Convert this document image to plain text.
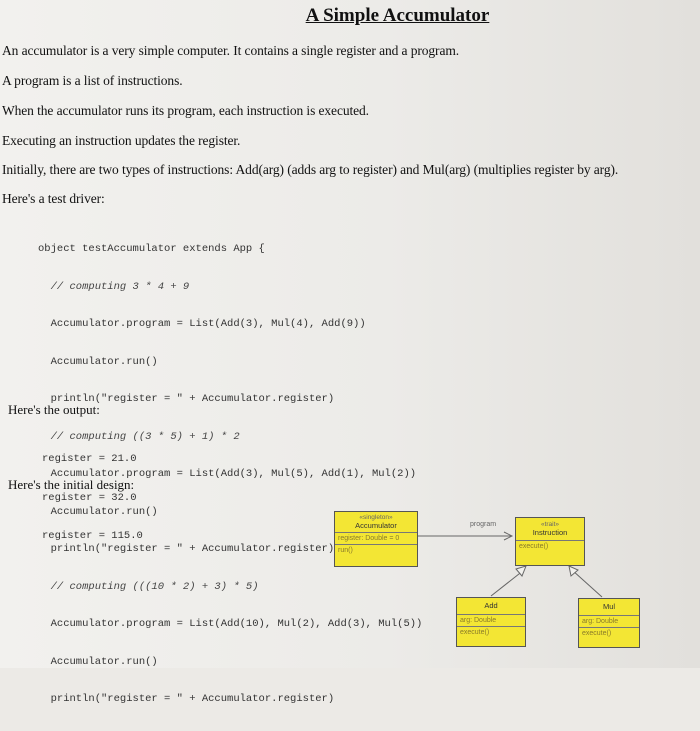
A Simple Accumulator
An accumulator is a very simple computer. It contains a single register and a program.
A program is a list of instructions.
When the accumulator runs its program, each instruction is executed.
Executing an instruction updates the register.
Initially, there are two types of instructions: Add(arg) (adds arg to register) and Mul(arg) (multiplies register by arg).
Here's a test driver:

object testAccumulator extends App {

// computing 3 * 4 + 9

Accumulator.program = List(Add(3), Mul(4), Add(9))

Accumulator.run()

println("register = " + Accumulator.register)

// computing ((3 * 5) + 1) * 2

Accumulator.program = List(Add(3), Mul(5), Add(1), Mul(2))

Accumulator.run()

println("register = " + Accumulator.register)

// computing (((10 * 2) + 3) * 5)

Accumulator.program = List(Add(10), Mul(2), Add(3), Mul(5))

Accumulator.run()

println("register = " + Accumulator.register)

Here's the output:

register = 21.0

register = 32.0

register = 115.0

Here's the initial design:
program
«singleton»
Accumulator
register: Double = 0
run()
«trait»
Instruction
execute()
Add
arg: Double
execute()
Mul
arg: Double
execute()
